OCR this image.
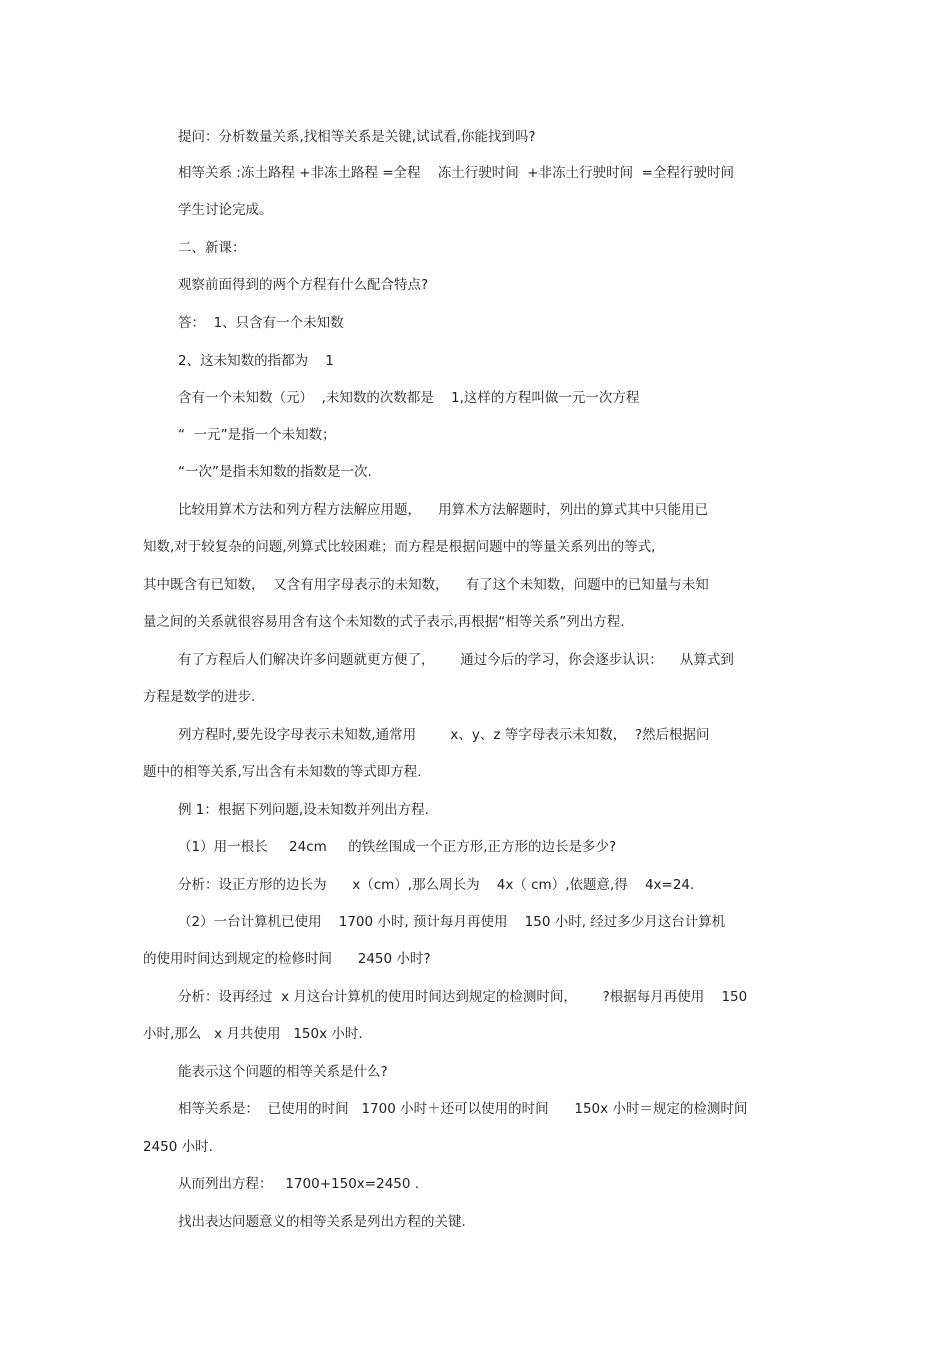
提问：分析数量关系,找相等关系是关键,试试看,你能找到吗?
相等关系 :冻土路程 +非冻土路程 =全程    冻土行驶时间  +非冻土行驶时间  =全程行驶时间
学生讨论完成。
二、新课：
观察前面得到的两个方程有什么配合特点?
答：  1、只含有一个未知数
2、这未知数的指都为    1
含有一个未知数（元）  ,未知数的次数都是    1,这样的方程叫做一元一次方程
“  一元”是指一个未知数；
“一次”是指未知数的指数是一次.
比较用算术方法和列方程方法解应用题，    用算术方法解题时，列出的算式其中只能用已
知数,对于较复杂的问题,列算式比较困难；而方程是根据问题中的等量关系列出的等式,
其中既含有已知数，  又含有用字母表示的未知数，    有了这个未知数，问题中的已知量与未知
量之间的关系就很容易用含有这个未知数的式子表示,再根据“相等关系”列出方程.
有了方程后人们解决许多问题就更方便了，      通过今后的学习，你会逐步认识：    从算式到
方程是数学的进步.
列方程时,要先设字母表示未知数,通常用        x、y、z 等字母表示未知数，  ?然后根据问
题中的相等关系,写出含有未知数的等式即方程.
例 1：根据下列问题,设未知数并列出方程.
（1）用一根长     24cm     的铁丝围成一个正方形,正方形的边长是多少?
分析：设正方形的边长为      x（cm）,那么周长为    4x（ cm）,依题意,得    4x=24.
（2）一台计算机已使用    1700 小时, 预计每月再使用    150 小时, 经过多少月这台计算机
的使用时间达到规定的检修时间      2450 小时?
分析：设再经过  x 月这台计算机的使用时间达到规定的检测时间，      ?根据每月再使用    150
小时,那么   x 月共使用   150x 小时.
能表示这个问题的相等关系是什么?
相等关系是：  已使用的时间   1700 小时＋还可以使用的时间      150x 小时＝规定的检测时间
2450 小时.
从而列出方程：   1700+150x=2450 .
找出表达问题意义的相等关系是列出方程的关键.
